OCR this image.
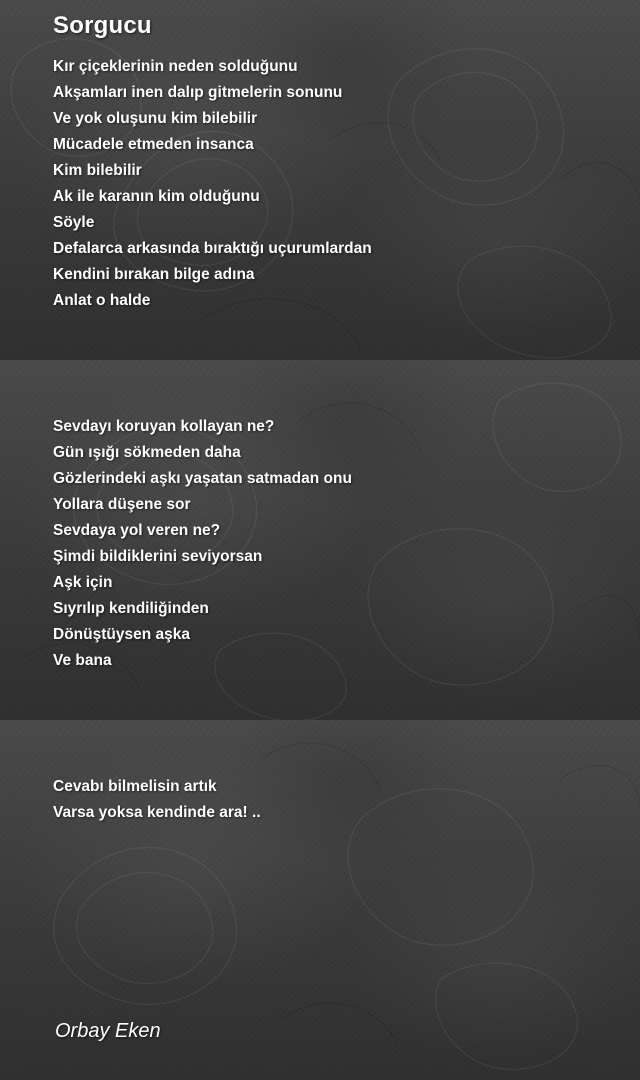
Sorgucu
Kır çiçeklerinin neden solduğunu
Akşamları inen dalıp gitmelerin sonunu
Ve yok oluşunu kim bilebilir
Mücadele etmeden insanca
Kim bilebilir
Ak ile karanın kim olduğunu
Söyle
Defalarca arkasında bıraktığı uçurumlardan
Kendini bırakan bilge adına
Anlat o halde
Sevdayı koruyan kollayan ne?
Gün ışığı sökmeden daha
Gözlerindeki aşkı yaşatan satmadan onu
Yollara düşene sor
Sevdaya yol veren ne?
Şimdi bildiklerini seviyorsan
Aşk için
Sıyrılıp kendiliğinden
Dönüştüysen aşka
Ve bana
Cevabı bilmelisin artık
Varsa yoksa kendinde ara! ..
Orbay Eken
